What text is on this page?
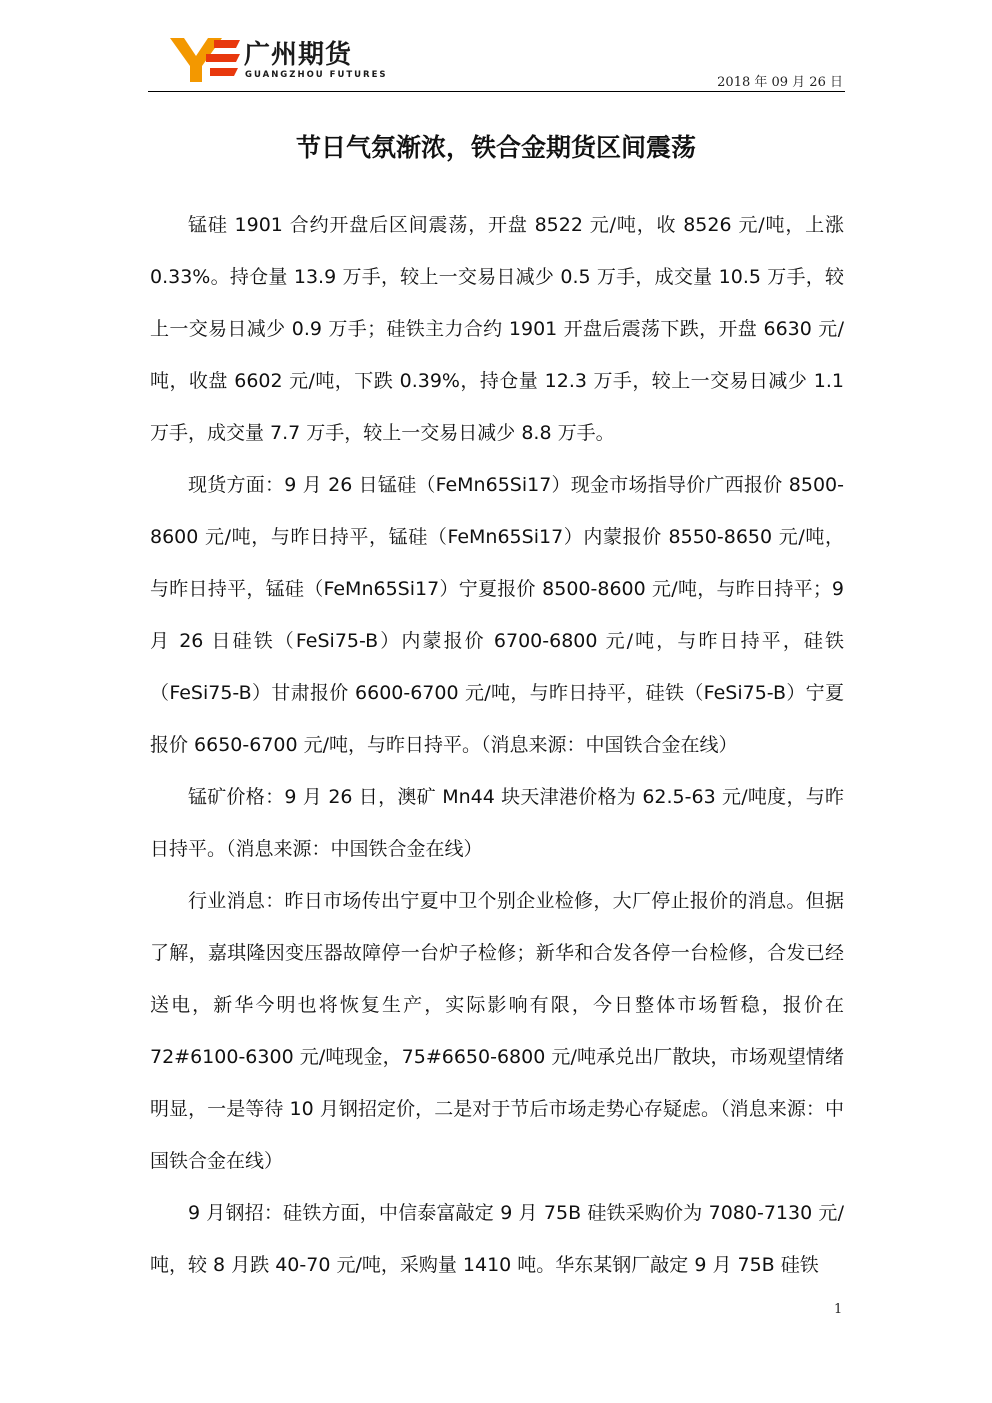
广州期货
GUANGZHOU FUTURES	2018 年 09 月 26 日
节日气氛渐浓，铁合金期货区间震荡

锰硅 1901 合约开盘后区间震荡，开盘 8522 元/吨，收 8526 元/吨，上涨 0.33%。持仓量 13.9 万手，较上一交易日减少 0.5 万手，成交量 10.5 万手，较上一交易日减少 0.9 万手；硅铁主力合约 1901 开盘后震荡下跌，开盘 6630 元/吨，收盘 6602 元/吨，下跌 0.39%，持仓量 12.3 万手，较上一交易日减少 1.1 万手，成交量 7.7 万手，较上一交易日减少 8.8 万手。

现货方面：9 月 26 日锰硅（FeMn65Si17）现金市场指导价广西报价 8500-8600 元/吨，与昨日持平，锰硅（FeMn65Si17）内蒙报价 8550-8650 元/吨，与昨日持平，锰硅（FeMn65Si17）宁夏报价 8500-8600 元/吨，与昨日持平；9 月 26 日硅铁（FeSi75-B）内蒙报价 6700-6800 元/吨，与昨日持平，硅铁（FeSi75-B）甘肃报价 6600-6700 元/吨，与昨日持平，硅铁（FeSi75-B）宁夏报价 6650-6700 元/吨，与昨日持平。（消息来源：中国铁合金在线）

锰矿价格：9 月 26 日，澳矿 Mn44 块天津港价格为 62.5-63 元/吨度，与昨日持平。（消息来源：中国铁合金在线）

行业消息：昨日市场传出宁夏中卫个别企业检修，大厂停止报价的消息。但据了解，嘉琪隆因变压器故障停一台炉子检修；新华和合发各停一台检修，合发已经送电，新华今明也将恢复生产，实际影响有限，今日整体市场暂稳，报价在 72#6100-6300 元/吨现金，75#6650-6800 元/吨承兑出厂散块，市场观望情绪明显，一是等待 10 月钢招定价，二是对于节后市场走势心存疑虑。（消息来源：中国铁合金在线）

9 月钢招：硅铁方面，中信泰富敲定 9 月 75B 硅铁采购价为 7080-7130 元/吨，较 8 月跌 40-70 元/吨，采购量 1410 吨。华东某钢厂敲定 9 月 75B 硅铁

1
